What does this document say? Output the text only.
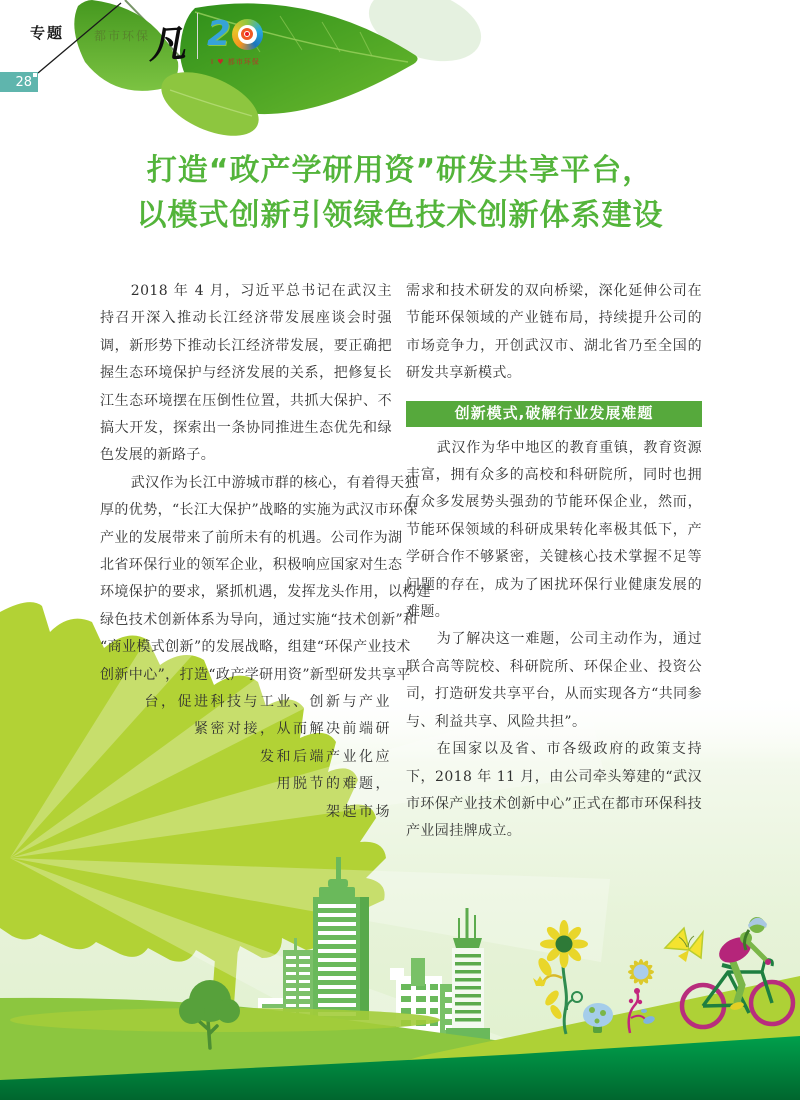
专题 都市环保
凡 2
I ♥ 都市环保
28
打造“政产学研用资”研发共享平台，
以模式创新引领绿色技术创新体系建设

2018 年 4 月，习近平总书记在武汉主持召开深入推动长江经济带发展座谈会时强调，新形势下推动长江经济带发展，要正确把握生态环境保护与经济发展的关系，把修复长江生态环境摆在压倒性位置，共抓大保护、不搞大开发，探索出一条协同推进生态优先和绿色发展的新路子。

武汉作为长江中游城市群的核心，有着得天独
厚的优势，“长江大保护”战略的实施为武汉市环保
产业的发展带来了前所未有的机遇。公司作为湖
北省环保行业的领军企业，积极响应国家对生态
环境保护的要求，紧抓机遇，发挥龙头作用，以构建
绿色技术创新体系为导向，通过实施“技术创新”和
“商业模式创新”的发展战略，组建“环保产业技术
创新中心”，打造“政产学研用资”新型研发共享平
台，促进科技与工业、创新与产业
紧密对接，从而解决前端研
发和后端产业化应
用脱节的难题，
架起市场

需求和技术研发的双向桥梁，深化延伸公司在节能环保领域的产业链布局，持续提升公司的市场竞争力，开创武汉市、湖北省乃至全国的研发共享新模式。

创新模式,破解行业发展难题

武汉作为华中地区的教育重镇，教育资源丰富，拥有众多的高校和科研院所，同时也拥有众多发展势头强劲的节能环保企业，然而，节能环保领域的科研成果转化率极其低下，产学研合作不够紧密，关键核心技术掌握不足等问题的存在，成为了困扰环保行业健康发展的难题。

为了解决这一难题，公司主动作为，通过联合高等院校、科研院所、环保企业、投资公司，打造研发共享平台，从而实现各方“共同参与、利益共享、风险共担”。

在国家以及省、市各级政府的政策支持下，2018 年 11 月，由公司牵头筹建的“武汉市环保产业技术创新中心”正式在都市环保科技产业园挂牌成立。
